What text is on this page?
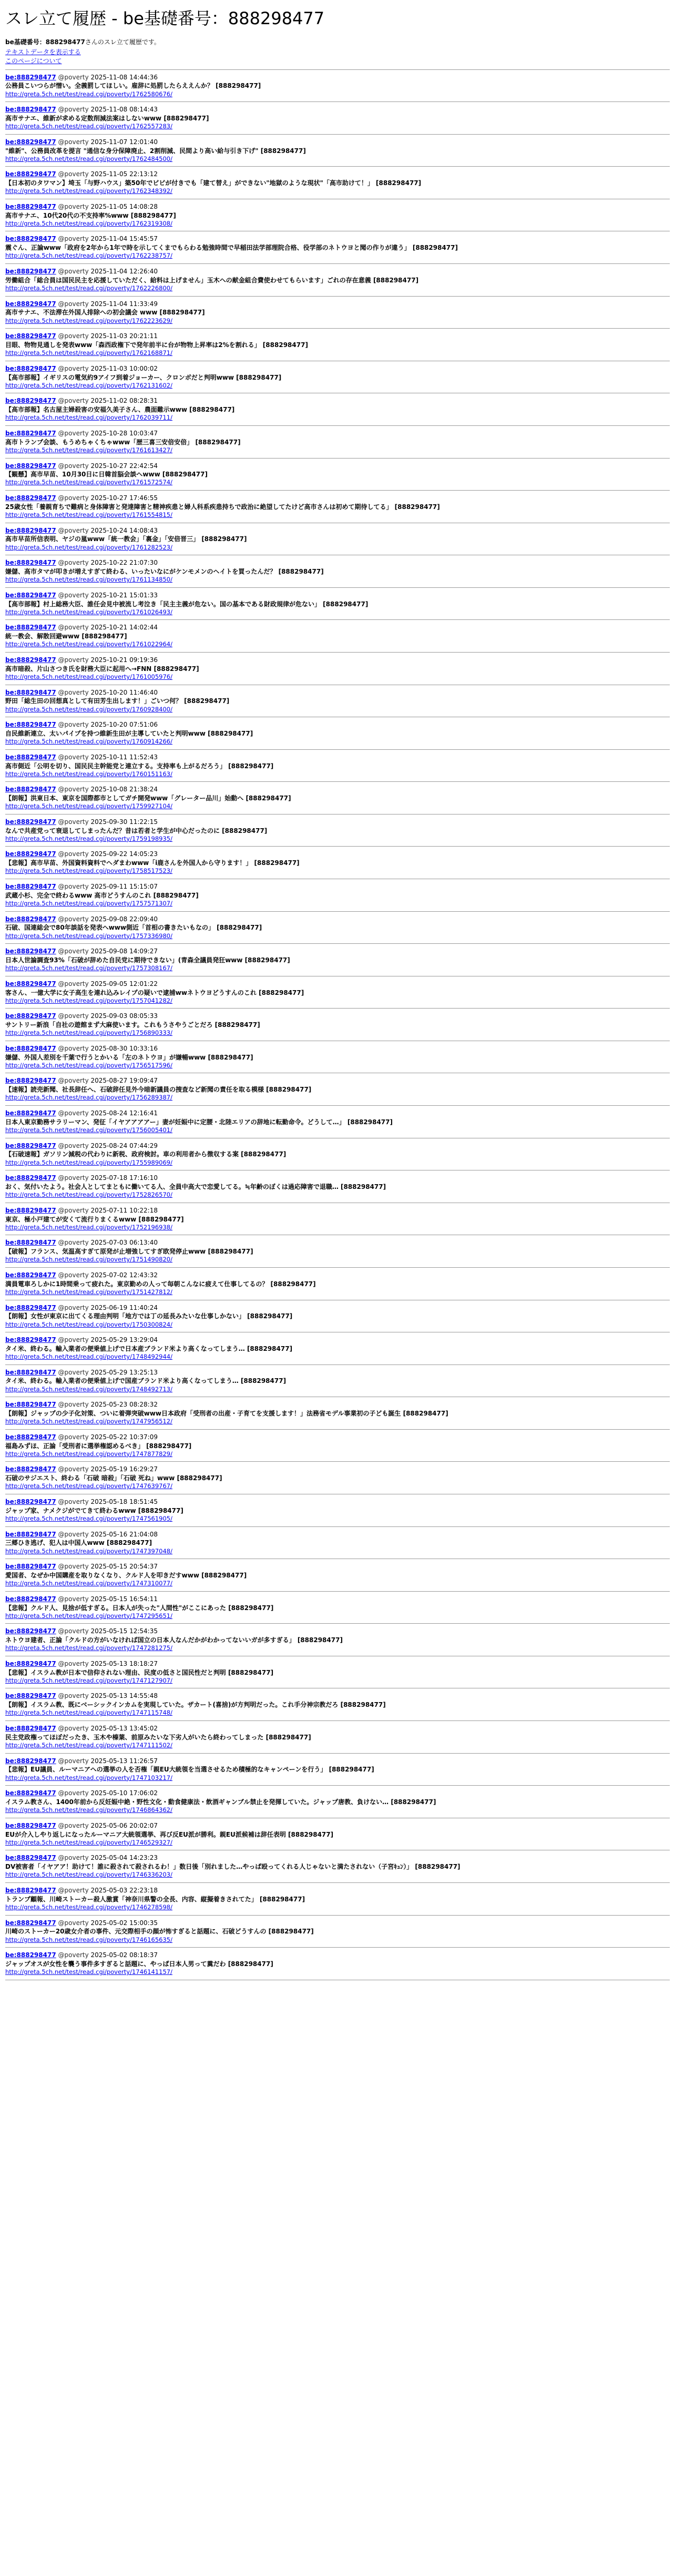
スレ立て履歴 - be基礎番号：888298477
be基礎番号：888298477さんのスレ立て履歴です。
テキストデータを表示する
このページについて
be:888298477 @poverty 2025-11-08 14:44:36
公務員こいつらが憎い。全義罰してほしい。雇辞に処罰したらええんか？ [888298477]
http://greta.5ch.net/test/read.cgi/poverty/1762580676/
be:888298477 @poverty 2025-11-08 08:14:43
高市サナエ、維新が求める定数削減法案はしないwww [888298477]
http://greta.5ch.net/test/read.cgi/poverty/1762557283/
be:888298477 @poverty 2025-11-07 12:01:40
"維新"、公務員改革を提言 "通信な身分保障廃止、2割削減、民間より高い給与引き下げ" [888298477]
http://greta.5ch.net/test/read.cgi/poverty/1762484500/
be:888298477 @poverty 2025-11-05 22:13:12
【日本初のタワマン】埼玉「与野ハウス」築50年でビビが付きでも「建て替え」ができない"地獄のような現状"「高市助けて！」 [888298477]
http://greta.5ch.net/test/read.cgi/poverty/1762348392/
be:888298477 @poverty 2025-11-05 14:08:28
高市サナエ、10代20代の不支持率%www [888298477]
http://greta.5ch.net/test/read.cgi/poverty/1762319308/
be:888298477 @poverty 2025-11-04 15:45:57
震ぐん、正論www「政府を2年から1年で時を示してくまでもらわる勉強時間で早稲田法学部理院合格、役学部のネトウヨと聞の作りが違う」 [888298477]
http://greta.5ch.net/test/read.cgi/poverty/1762238757/
be:888298477 @poverty 2025-11-04 12:26:40
労働組合「総合員は国民民主を応援していただく、給料は上げません」玉木への献金組合費使わせてもらいます」ごれの存在意義 [888298477]
http://greta.5ch.net/test/read.cgi/poverty/1762226800/
be:888298477 @poverty 2025-11-04 11:33:49
高市サナエ、不法滞在外国人排除への初会議会 www [888298477]
http://greta.5ch.net/test/read.cgi/poverty/1762223629/
be:888298477 @poverty 2025-11-03 20:21:11
目眼、物物見通しを発表www「森西政権下で発年前半に台が物物上昇率は2%を割れる」 [888298477]
http://greta.5ch.net/test/read.cgi/poverty/1762168871/
be:888298477 @poverty 2025-11-03 10:00:02
【高市部報】イギリスの電気約9アイフ到着ジョーカー、クロンボだと判明www [888298477]
http://greta.5ch.net/test/read.cgi/poverty/1762131602/
be:888298477 @poverty 2025-11-02 08:28:31
【高市部報】名古屋主婦殺害の安福久美子さん、農面難示www [888298477]
http://greta.5ch.net/test/read.cgi/poverty/1762039711/
be:888298477 @poverty 2025-10-28 10:03:47
高市トランプ会談、もうめちゃくちゃwww「歴三喜三安倍安倍」 [888298477]
http://greta.5ch.net/test/read.cgi/poverty/1761613427/
be:888298477 @poverty 2025-10-27 22:42:54
【観懸】高市早苗、10月30日に日韓首脳会談へwww [888298477]
http://greta.5ch.net/test/read.cgi/poverty/1761572574/
be:888298477 @poverty 2025-10-27 17:46:55
25歳女性「養親育ちで難病と身体障害と発達障害と精神疾患と婦人科系疾患持ちで政治に絶望してたけど高市さんは初めて期待してる」 [888298477]
http://greta.5ch.net/test/read.cgi/poverty/1761554815/
be:888298477 @poverty 2025-10-24 14:08:43
高市早苗所信表明、ヤジの嵐www「統一教会」「裏金」「安倍晋三」 [888298477]
http://greta.5ch.net/test/read.cgi/poverty/1761282523/
be:888298477 @poverty 2025-10-22 21:07:30
嫌儲、高市タマが叩きが増えすぎて終わる、いったいなにがケンモメンのヘイトを買ったんだ？ [888298477]
http://greta.5ch.net/test/read.cgi/poverty/1761134850/
be:888298477 @poverty 2025-10-21 15:01:33
【高市部報】村上総務大臣、誰任会見中被流し考泣き「民主主義が危ない。国の基本である財政規律が危ない」 [888298477]
http://greta.5ch.net/test/read.cgi/poverty/1761026493/
be:888298477 @poverty 2025-10-21 14:02:44
統一教会、解散回避www [888298477]
http://greta.5ch.net/test/read.cgi/poverty/1761022964/
be:888298477 @poverty 2025-10-21 09:19:36
高市暗殺、片山さつき氏を財務大臣に起用へ→FNN [888298477]
http://greta.5ch.net/test/read.cgi/poverty/1761005976/
be:888298477 @poverty 2025-10-20 11:46:40
野田「総生田の回想真として有田芳生出します！」ごいつ何？ [888298477]
http://greta.5ch.net/test/read.cgi/poverty/1760928400/
be:888298477 @poverty 2025-10-20 07:51:06
自民維新連立、太いパイプを持つ維新生田が主導していたと判明www [888298477]
http://greta.5ch.net/test/read.cgi/poverty/1760914266/
be:888298477 @poverty 2025-10-11 11:52:43
高市側近「公明を切り、国民民主幹能党と連立する。支持率も上がるだろう」 [888298477]
http://greta.5ch.net/test/read.cgi/poverty/1760151163/
be:888298477 @poverty 2025-10-08 21:38:24
【朗報】洪東日本、東京を国際都市としてガチ開発www「グレーター品川」始動へ [888298477]
http://greta.5ch.net/test/read.cgi/poverty/1759927104/
be:888298477 @poverty 2025-09-30 11:22:15
なんで共産党って衰退してしまったんだ？昔は若者と学生が中心だったのに [888298477]
http://greta.5ch.net/test/read.cgi/poverty/1759198935/
be:888298477 @poverty 2025-09-22 14:05:23
【悲報】高市早苗、外国資料資料でヘダまわwww「i鹿さんを外国人から守ります！」 [888298477]
http://greta.5ch.net/test/read.cgi/poverty/1758517523/
be:888298477 @poverty 2025-09-11 15:15:07
武蔵小杉、完全で終わるwww 高市どうすんのこれ [888298477]
http://greta.5ch.net/test/read.cgi/poverty/1757571307/
be:888298477 @poverty 2025-09-08 22:09:40
石破、国連総会で80年談話を発表へwww側近「首相の書きたいもなの」 [888298477]
http://greta.5ch.net/test/read.cgi/poverty/1757336980/
be:888298477 @poverty 2025-09-08 14:09:27
日本人世論調査93%「石破が辞めた自民党に期待できない」(青森全議員発狂www [888298477]
http://greta.5ch.net/test/read.cgi/poverty/1757308167/
be:888298477 @poverty 2025-09-05 12:01:22
客さん、一億大学に女子高生を連れ込みレイプの疑いで逮捕wwネトウヨどうすんのこれ [888298477]
http://greta.5ch.net/test/read.cgi/poverty/1757041282/
be:888298477 @poverty 2025-09-03 08:05:33
サントリー新浪「自社の遊館まず大麻使います。これもうさやうごとだろ [888298477]
http://greta.5ch.net/test/read.cgi/poverty/1756890333/
be:888298477 @poverty 2025-08-30 10:33:16
嫌儲、外国人差別を千葉で行うとかいる「左のネトウヨ」が嫌暢www [888298477]
http://greta.5ch.net/test/read.cgi/poverty/1756517596/
be:888298477 @poverty 2025-08-27 19:09:47
【速報】読売新聞、社長辞任へ、石破辞任見外今暗新議員の捜査など新聞の責任を取る模様 [888298477]
http://greta.5ch.net/test/read.cgi/poverty/1756289387/
be:888298477 @poverty 2025-08-24 12:16:41
日本人東京勤務サラリーマン、発征「イヤアアアアー」妻が妊娠中に定腰・北陸エリアの辞地に転勤命令。どうして…」 [888298477]
http://greta.5ch.net/test/read.cgi/poverty/1756005401/
be:888298477 @poverty 2025-08-24 07:44:29
【石破速報】ガソリン減税の代わりに新税、政府検討。車の利用者から徴収する案 [888298477]
http://greta.5ch.net/test/read.cgi/poverty/1755989069/
be:888298477 @poverty 2025-07-18 17:16:10
おく、気付いたよう。社会人としてまともに働いてる人、全員中高大で恋愛してる。≒年齢のぼくは過応障害で退職… [888298477]
http://greta.5ch.net/test/read.cgi/poverty/1752826570/
be:888298477 @poverty 2025-07-11 10:22:18
東京、極小戸建てが安くて流行りまくるwww [888298477]
http://greta.5ch.net/test/read.cgi/poverty/1752196938/
be:888298477 @poverty 2025-07-03 06:13:40
【破報】フランス、気温高すぎて原発が止増強してすぎ欧発停止www [888298477]
http://greta.5ch.net/test/read.cgi/poverty/1751490820/
be:888298477 @poverty 2025-07-02 12:43:32
満員電車ろしかに1時間乗って疲れた。東京勤めの人って毎朝こんなに疲えて仕事してるの？ [888298477]
http://greta.5ch.net/test/read.cgi/poverty/1751427812/
be:888298477 @poverty 2025-06-19 11:40:24
【朗報】女性が東京に出てくる理由判明「地方では丁の延長みたいな仕事しかない」 [888298477]
http://greta.5ch.net/test/read.cgi/poverty/1750300824/
be:888298477 @poverty 2025-05-29 13:29:04
タイ米、終わる。輸入業者の便乗値上げで日本産ブランド米より高くなってしまう… [888298477]
http://greta.5ch.net/test/read.cgi/poverty/1748492944/
be:888298477 @poverty 2025-05-29 13:25:13
タイ米、終わる。輸入業者の便乗値上げで国産ブランド米より高くなってしまう… [888298477]
http://greta.5ch.net/test/read.cgi/poverty/1748492713/
be:888298477 @poverty 2025-05-23 08:28:32
【朗報】ジャップの少子化対策、ついに着弾突破www日本政府「受刑者の出産・子育てを支援します！」法務省モデル事業初の子ども誕生 [888298477]
http://greta.5ch.net/test/read.cgi/poverty/1747956512/
be:888298477 @poverty 2025-05-22 10:37:09
福島みずほ、正論「受刑者に選挙権認めるべき」 [888298477]
http://greta.5ch.net/test/read.cgi/poverty/1747877829/
be:888298477 @poverty 2025-05-19 16:29:27
石破のサジエスト、終わる「石破 暗殺」「石破 死ね」www [888298477]
http://greta.5ch.net/test/read.cgi/poverty/1747639767/
be:888298477 @poverty 2025-05-18 18:51:45
ジャップ家、ナメクジがでてきて終わるwww [888298477]
http://greta.5ch.net/test/read.cgi/poverty/1747561905/
be:888298477 @poverty 2025-05-16 21:04:08
三郷ひき逃げ、犯人は中国人www [888298477]
http://greta.5ch.net/test/read.cgi/poverty/1747397048/
be:888298477 @poverty 2025-05-15 20:54:37
愛国者、なぜか中国購産を取りなくなり、クルド人を叩きだすwww [888298477]
http://greta.5ch.net/test/read.cgi/poverty/1747310077/
be:888298477 @poverty 2025-05-15 16:54:11
【悲報】クルド人、見捨が低すぎる。日本人が失った"人間性"がここにあった [888298477]
http://greta.5ch.net/test/read.cgi/poverty/1747295651/
be:888298477 @poverty 2025-05-15 12:54:35
ネトウヨ建者、正論「クルドの方がいなければ国立の日本人なんだかがわかってないいガが多すぎる」 [888298477]
http://greta.5ch.net/test/read.cgi/poverty/1747281275/
be:888298477 @poverty 2025-05-13 18:18:27
【悲報】イスラム教が日本で信仰されない理由、民度の低さと国民性だと判明 [888298477]
http://greta.5ch.net/test/read.cgi/poverty/1747127907/
be:888298477 @poverty 2025-05-13 14:55:48
【朗報】イスラム教、既にベーシックインカムを実現していた。ザカート(喜捨)が方判明だった。これ手分神宗教だろ [888298477]
http://greta.5ch.net/test/read.cgi/poverty/1747115748/
be:888298477 @poverty 2025-05-13 13:45:02
民主党政権ってほぼだったき、玉木や榛葉、前原みたいな下劣人がいたら終わってしまった [888298477]
http://greta.5ch.net/test/read.cgi/poverty/1747111502/
be:888298477 @poverty 2025-05-13 11:26:57
【悲報】EU議員、ルーマニアへの選挙の人を否権「親EU大統領を当選させるため積極的なキャンペーンを行う」 [888298477]
http://greta.5ch.net/test/read.cgi/poverty/1747103217/
be:888298477 @poverty 2025-05-10 17:06:02
イスラム教さん、1400年前から反妊娠中絶・野性文化・動食健康法・飲酒ギャンブル禁止を発揮していた。ジャップ唐教、負けない… [888298477]
http://greta.5ch.net/test/read.cgi/poverty/1746864362/
be:888298477 @poverty 2025-05-06 20:02:07
EUが介入しやり返しになったルーマニア大統領選挙、再び反EU派が勝利。親EU派候補は辞任表明 [888298477]
http://greta.5ch.net/test/read.cgi/poverty/1746529327/
be:888298477 @poverty 2025-05-04 14:23:23
DV被害者「イヤアア！助けて！誰に殺されて殺されるわ！」数日後「別れました…やっぱ殴ってくれる人じゃないと満たされない（子宮ｷｭﾝ）」 [888298477]
http://greta.5ch.net/test/read.cgi/poverty/1746336203/
be:888298477 @poverty 2025-05-03 22:23:18
トランプ顧報、川崎ストーカー殺人激賞「神奈川県警の全長、内容、縦擬着きされてた」 [888298477]
http://greta.5ch.net/test/read.cgi/poverty/1746278598/
be:888298477 @poverty 2025-05-02 15:00:35
川崎のストーカー20歳女介者の事件、元交際相手の顔が怖すぎると話題に、石破どうすんの [888298477]
http://greta.5ch.net/test/read.cgi/poverty/1746165635/
be:888298477 @poverty 2025-05-02 08:18:37
ジャップオスが女性を襲う事件多すぎると話題に、やっぱ日本人男って糞だわ [888298477]
http://greta.5ch.net/test/read.cgi/poverty/1746141157/
